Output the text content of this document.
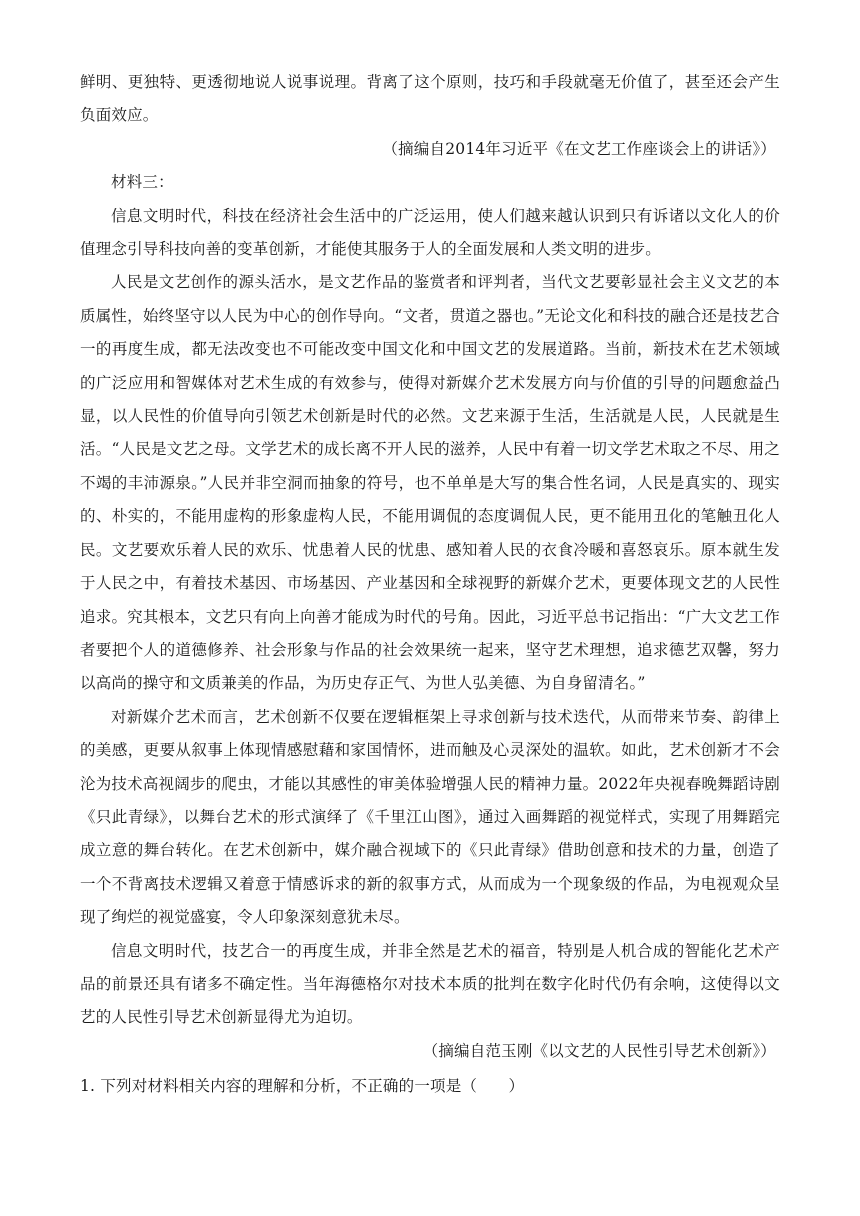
鲜明、更独特、更透彻地说人说事说理。背离了这个原则，技巧和手段就毫无价值了，甚至还会产生负面效应。

（摘编自2014年习近平《在文艺工作座谈会上的讲话》）

材料三：

信息文明时代，科技在经济社会生活中的广泛运用，使人们越来越认识到只有诉诸以文化人的价值理念引导科技向善的变革创新，才能使其服务于人的全面发展和人类文明的进步。

人民是文艺创作的源头活水，是文艺作品的鉴赏者和评判者，当代文艺要彰显社会主义文艺的本质属性，始终坚守以人民为中心的创作导向。“文者，贯道之器也。”无论文化和科技的融合还是技艺合一的再度生成，都无法改变也不可能改变中国文化和中国文艺的发展道路。当前，新技术在艺术领域的广泛应用和智媒体对艺术生成的有效参与，使得对新媒介艺术发展方向与价值的引导的问题愈益凸显，以人民性的价值导向引领艺术创新是时代的必然。文艺来源于生活，生活就是人民，人民就是生活。“人民是文艺之母。文学艺术的成长离不开人民的滋养，人民中有着一切文学艺术取之不尽、用之不竭的丰沛源泉。”人民并非空洞而抽象的符号，也不单单是大写的集合性名词，人民是真实的、现实的、朴实的，不能用虚构的形象虚构人民，不能用调侃的态度调侃人民，更不能用丑化的笔触丑化人民。文艺要欢乐着人民的欢乐、忧患着人民的忧患、感知着人民的衣食冷暖和喜怒哀乐。原本就生发于人民之中，有着技术基因、市场基因、产业基因和全球视野的新媒介艺术，更要体现文艺的人民性追求。究其根本，文艺只有向上向善才能成为时代的号角。因此，习近平总书记指出：“广大文艺工作者要把个人的道德修养、社会形象与作品的社会效果统一起来，坚守艺术理想，追求德艺双馨，努力以高尚的操守和文质兼美的作品，为历史存正气、为世人弘美德、为自身留清名。”

对新媒介艺术而言，艺术创新不仅要在逻辑框架上寻求创新与技术迭代，从而带来节奏、韵律上的美感，更要从叙事上体现情感慰藉和家国情怀，进而触及心灵深处的温软。如此，艺术创新才不会沦为技术高视阔步的爬虫，才能以其感性的审美体验增强人民的精神力量。2022年央视春晚舞蹈诗剧《只此青绿》，以舞台艺术的形式演绎了《千里江山图》，通过入画舞蹈的视觉样式，实现了用舞蹈完成立意的舞台转化。在艺术创新中，媒介融合视域下的《只此青绿》借助创意和技术的力量，创造了一个不背离技术逻辑又着意于情感诉求的新的叙事方式，从而成为一个现象级的作品，为电视观众呈现了绚烂的视觉盛宴，令人印象深刻意犹未尽。

信息文明时代，技艺合一的再度生成，并非全然是艺术的福音，特别是人机合成的智能化艺术产品的前景还具有诸多不确定性。当年海德格尔对技术本质的批判在数字化时代仍有余响，这使得以文艺的人民性引导艺术创新显得尤为迫切。

（摘编自范玉刚《以文艺的人民性引导艺术创新》）

1. 下列对材料相关内容的理解和分析，不正确的一项是（　　）
